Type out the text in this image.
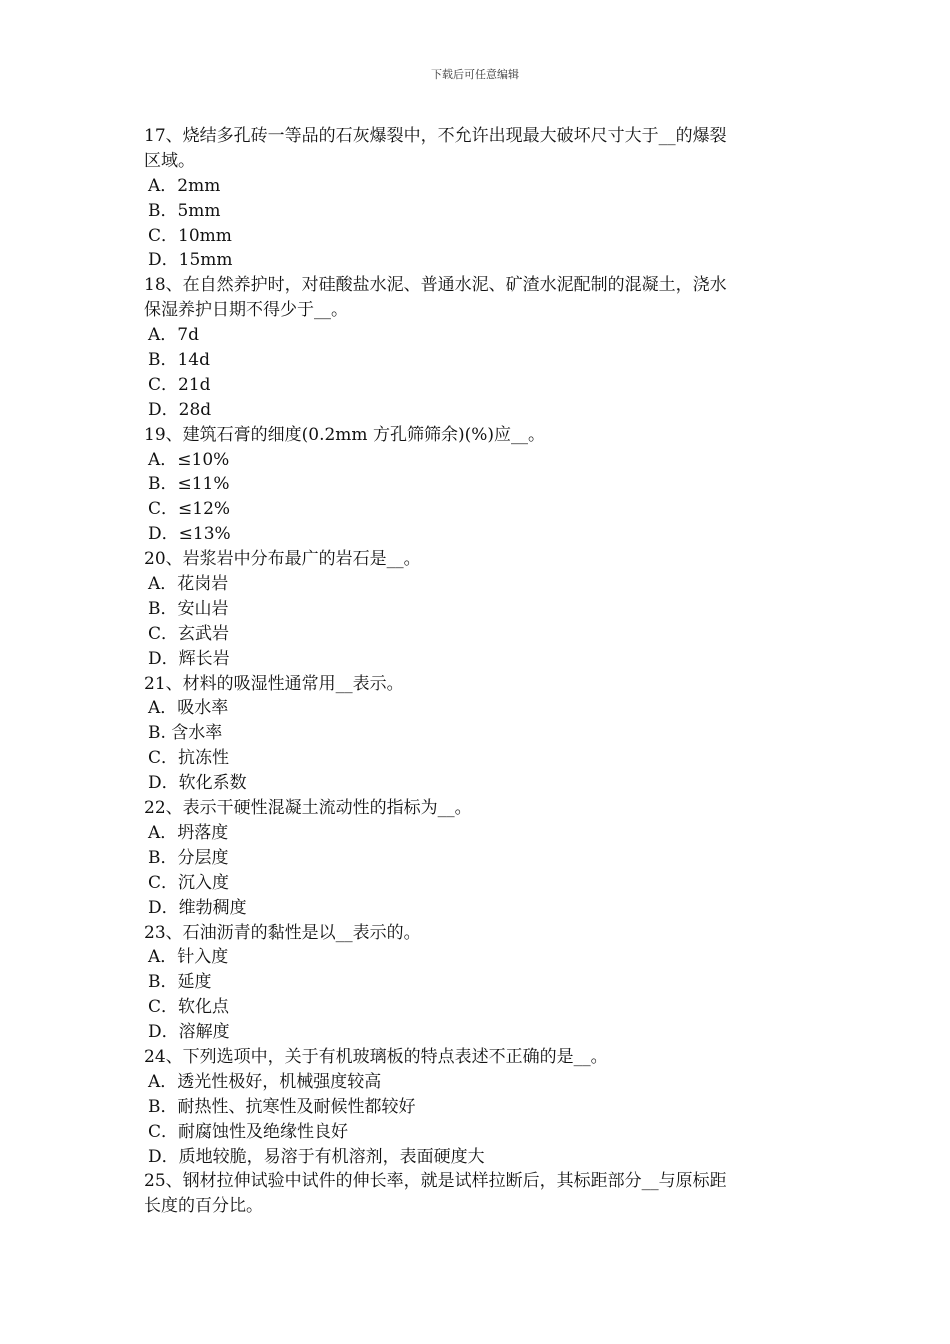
下载后可任意编辑
17、烧结多孔砖一等品的石灰爆裂中，不允许出现最大破坏尺寸大于__的爆裂
区域。
A．2mm
B．5mm
C．10mm
D．15mm
18、在自然养护时，对硅酸盐水泥、普通水泥、矿渣水泥配制的混凝土，浇水
保湿养护日期不得少于__。
A．7d
B．14d
C．21d
D．28d
19、建筑石膏的细度(0.2mm 方孔筛筛余)(%)应__。
A．≤10%
B．≤11%
C．≤12%
D．≤13%
20、岩浆岩中分布最广的岩石是__。
A．花岗岩
B．安山岩
C．玄武岩
D．辉长岩
21、材料的吸湿性通常用__表示。
A．吸水率
B. 含水率
C．抗冻性
D．软化系数
22、表示干硬性混凝土流动性的指标为__。
A．坍落度
B．分层度
C．沉入度
D．维勃稠度
23、石油沥青的黏性是以__表示的。
A．针入度
B．延度
C．软化点
D．溶解度
24、下列选项中，关于有机玻璃板的特点表述不正确的是__。
A．透光性极好，机械强度较高
B．耐热性、抗寒性及耐候性都较好
C．耐腐蚀性及绝缘性良好
D．质地较脆，易溶于有机溶剂，表面硬度大
25、钢材拉伸试验中试件的伸长率，就是试样拉断后，其标距部分__与原标距
长度的百分比。
